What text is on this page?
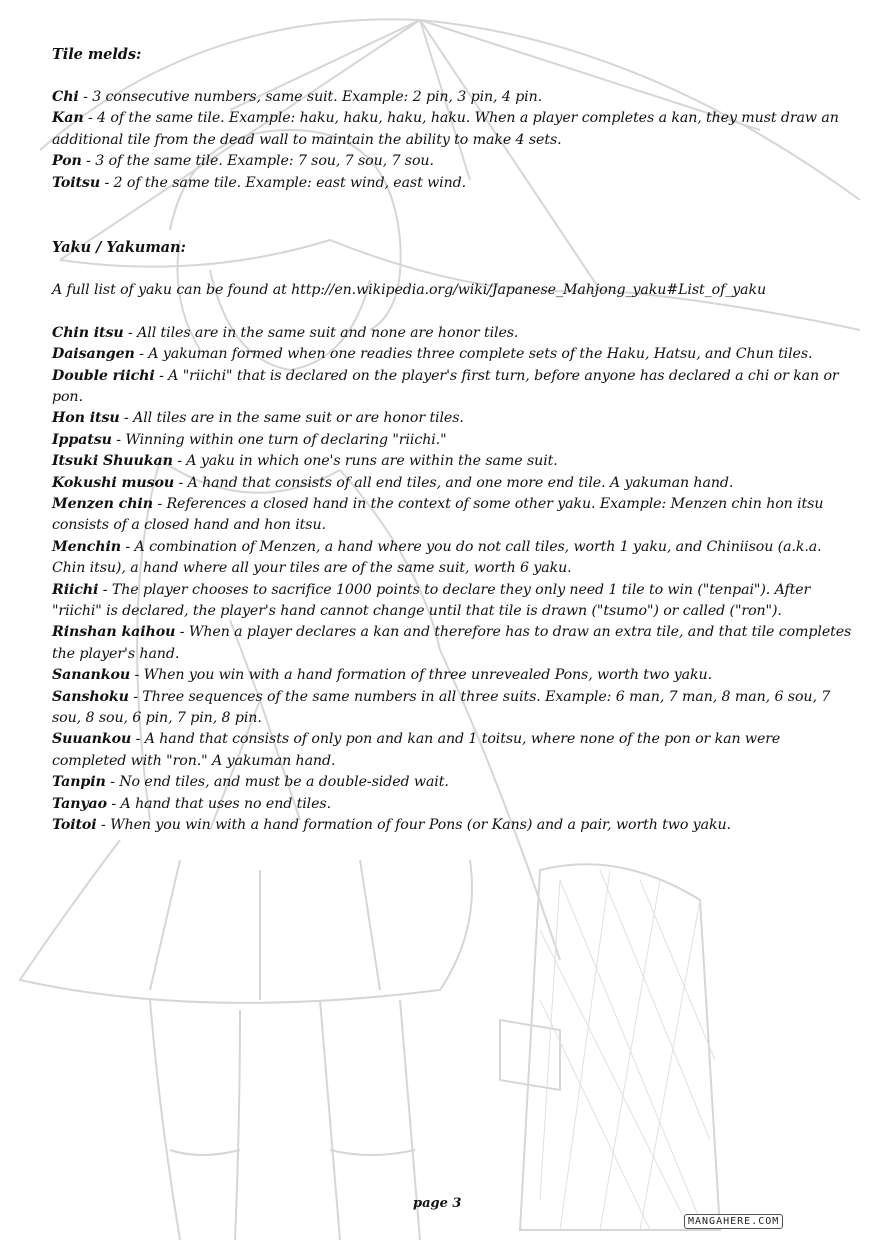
Tile melds:
Chi - 3 consecutive numbers, same suit. Example: 2 pin, 3 pin, 4 pin.
Kan - 4 of the same tile. Example: haku, haku, haku, haku. When a player completes a kan, they must draw an additional tile from the dead wall to maintain the ability to make 4 sets.
Pon - 3 of the same tile. Example: 7 sou, 7 sou, 7 sou.
Toitsu - 2 of the same tile. Example: east wind, east wind.
Yaku / Yakuman:
A full list of yaku can be found at http://en.wikipedia.org/wiki/Japanese_Mahjong_yaku#List_of_yaku
Chin itsu - All tiles are in the same suit and none are honor tiles.
Daisangen - A yakuman formed when one readies three complete sets of the Haku, Hatsu, and Chun tiles.
Double riichi - A "riichi" that is declared on the player's first turn, before anyone has declared a chi or kan or pon.
Hon itsu - All tiles are in the same suit or are honor tiles.
Ippatsu - Winning within one turn of declaring "riichi."
Itsuki Shuukan - A yaku in which one's runs are within the same suit.
Kokushi musou - A hand that consists of all end tiles, and one more end tile. A yakuman hand.
Menzen chin - References a closed hand in the context of some other yaku. Example: Menzen chin hon itsu consists of a closed hand and hon itsu.
Menchin - A combination of Menzen, a hand where you do not call tiles, worth 1 yaku, and Chiniisou (a.k.a. Chin itsu), a hand where all your tiles are of the same suit, worth 6 yaku.
Riichi - The player chooses to sacrifice 1000 points to declare they only need 1 tile to win ("tenpai"). After "riichi" is declared, the player's hand cannot change until that tile is drawn ("tsumo") or called ("ron").
Rinshan kaihou - When a player declares a kan and therefore has to draw an extra tile, and that tile completes the player's hand.
Sanankou - When you win with a hand formation of three unrevealed Pons, worth two yaku.
Sanshoku - Three sequences of the same numbers in all three suits. Example: 6 man, 7 man, 8 man, 6 sou, 7 sou, 8 sou, 6 pin, 7 pin, 8 pin.
Suuankou - A hand that consists of only pon and kan and 1 toitsu, where none of the pon or kan were completed with "ron." A yakuman hand.
Tanpin - No end tiles, and must be a double-sided wait.
Tanyao - A hand that uses no end tiles.
Toitoi - When you win with a hand formation of four Pons (or Kans) and a pair, worth two yaku.
page 3
MANGAHERE.COM
